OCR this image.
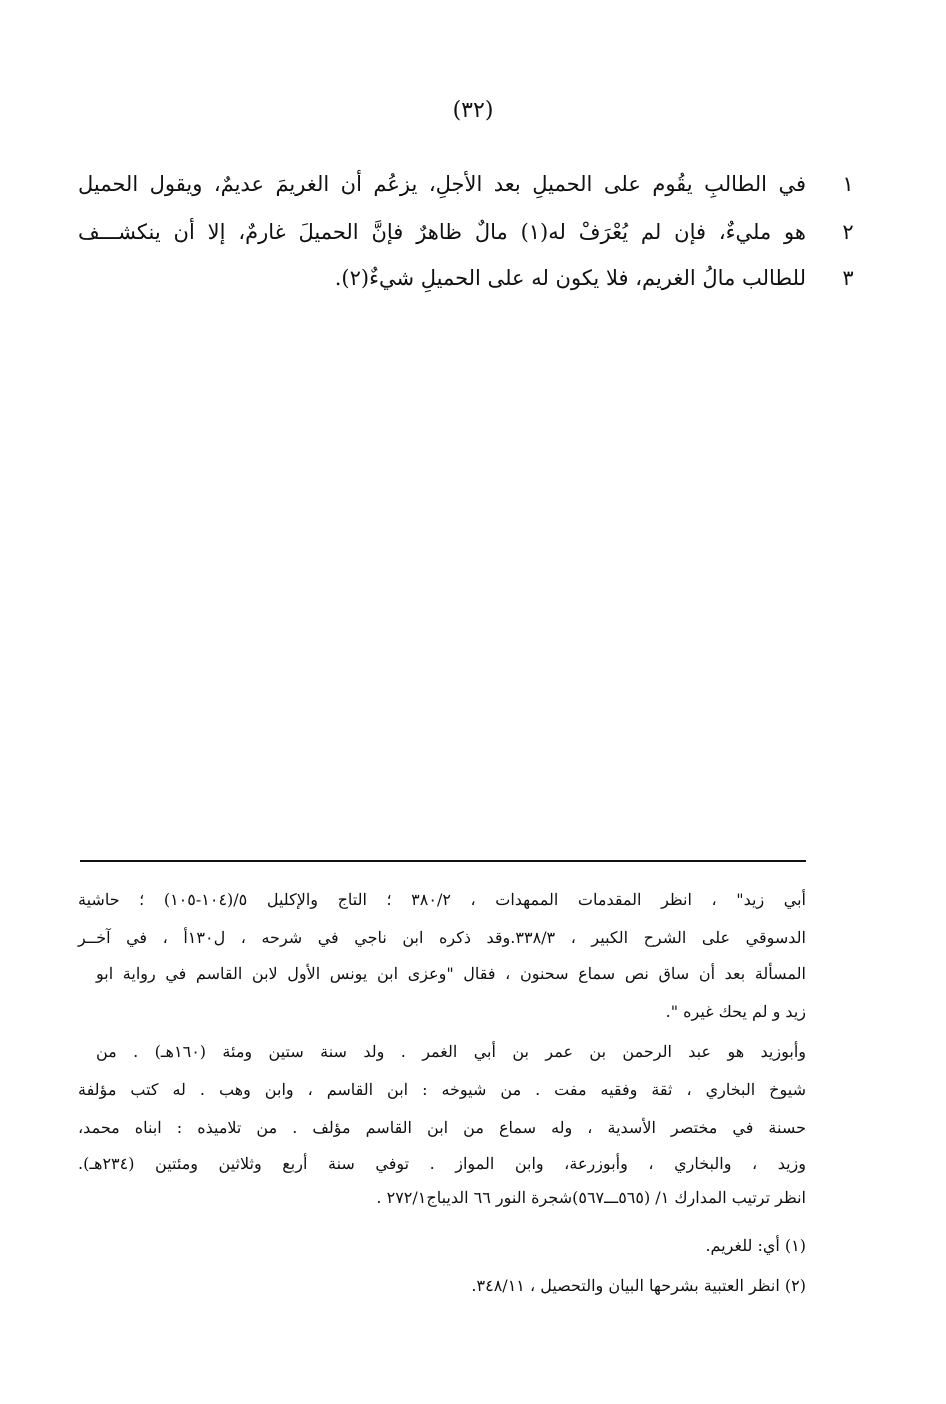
(٣٢)
١
في الطالبِ يقُوم على الحميلِ بعد الأجلِ، يزعُم أن الغريمَ عديمٌ، ويقول الحميل
٢
هو مليءٌ، فإن لم يُعْرَفْ له(١) مالٌ ظاهرٌ فإنَّ الحميلَ غارمٌ، إلا أن ينكشـــف
٣
للطالب مالُ الغريم، فلا يكون له على الحميلِ شيءٌ(٢).
أبي زيد" ، انظر المقدمات الممهدات ، ٣٨٠/٢ ؛ التاج والإكليل ٥/(١٠٤-١٠٥) ؛ حاشية
الدسوقي على الشرح الكبير ، ٣٣٨/٣.وقد ذكره ابن ناجي في شرحه ، ل١٣٠أ ، في آخــر
المسألة بعد أن ساق نص سماع سحنون ، فقال "وعزى ابن يونس الأول لابن القاسم في رواية ابو
زيد و لم يحك غيره ".
وأبوزيد هو عبد الرحمن بن عمر بن أبي الغمر . ولد سنة ستين ومئة (١٦٠هـ) . من
شيوخ البخاري ، ثقة وفقيه مفت . من شيوخه : ابن القاسم ، وابن وهب . له كتب مؤلفة
حسنة في مختصر الأسدية ، وله سماع من ابن القاسم مؤلف . من تلاميذه : ابناه محمد،
وزيد ، والبخاري ، وأبوزرعة، وابن المواز . توفي سنة أربع وثلاثين ومئتين (٢٣٤هـ).
انظر ترتيب المدارك ١/ (٥٦٥ـــ٥٦٧)شجرة النور ٦٦ الديباج٢٧٢/١ .
(١) أي: للغريم.
(٢) انظر العتبية بشرحها البيان والتحصيل ، ٣٤٨/١١.
